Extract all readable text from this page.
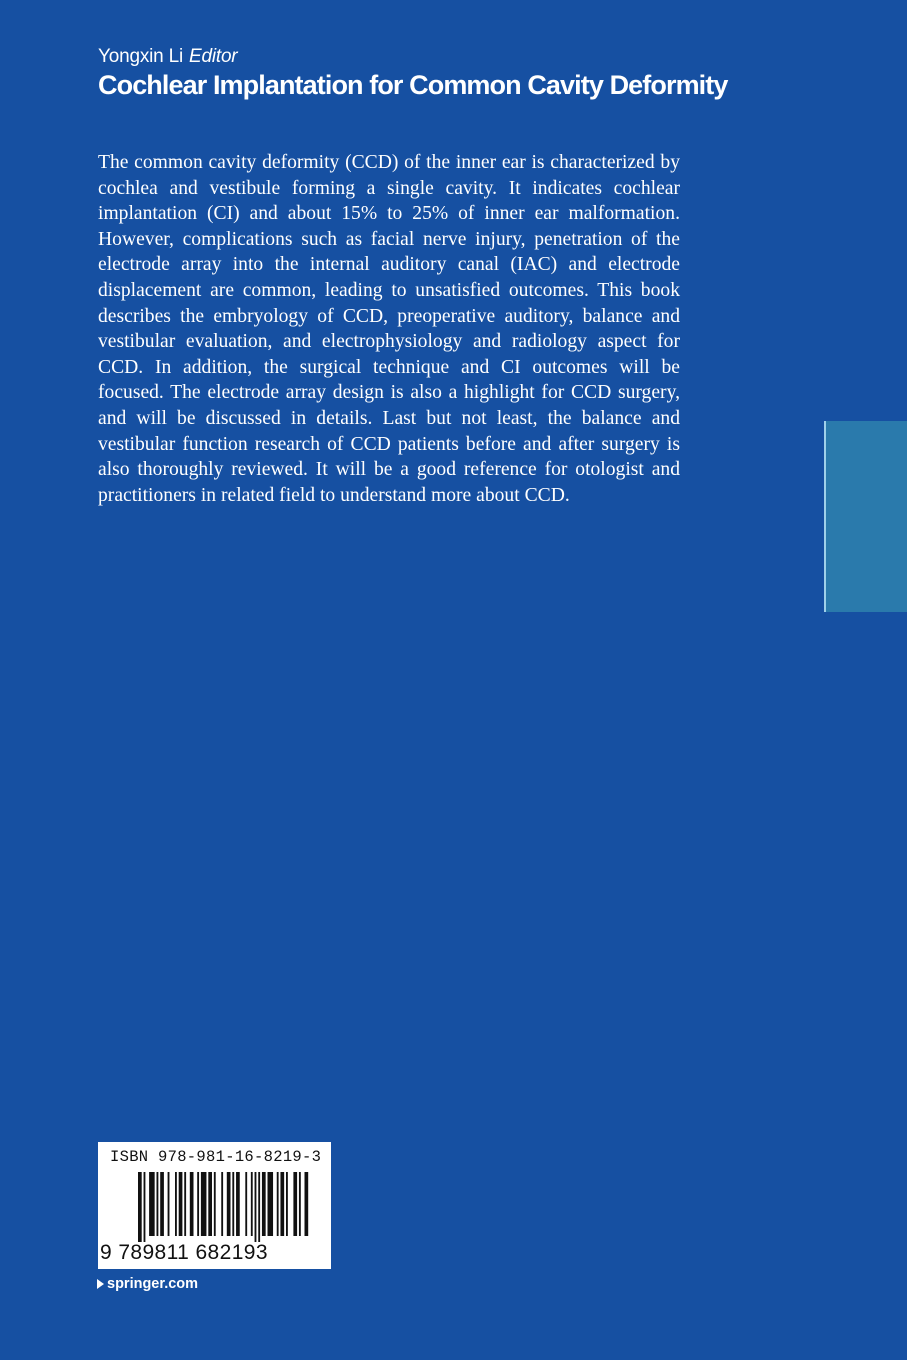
Yongxin Li Editor
Cochlear Implantation for Common Cavity Deformity

The common cavity deformity (CCD) of the inner ear is characterized by cochlea and vestibule forming a single cavity. It indicates cochlear implantation (CI) and about 15% to 25% of inner ear malformation. However, complications such as facial nerve injury, penetration of the electrode array into the internal auditory canal (IAC) and electrode displacement are common, leading to unsatisfied outcomes. This book describes the embryology of CCD, preoperative auditory, balance and vestibular evaluation, and electrophysiology and radiology aspect for CCD. In addition, the surgical technique and CI outcomes will be focused. The electrode array design is also a highlight for CCD surgery, and will be discussed in details. Last but not least, the balance and vestibular function research of CCD patients before and after surgery is also thoroughly reviewed. It will be a good reference for otologist and practitioners in related field to understand more about CCD.

ISBN 978-981-16-8219-3
9 789811 682193
springer.com
